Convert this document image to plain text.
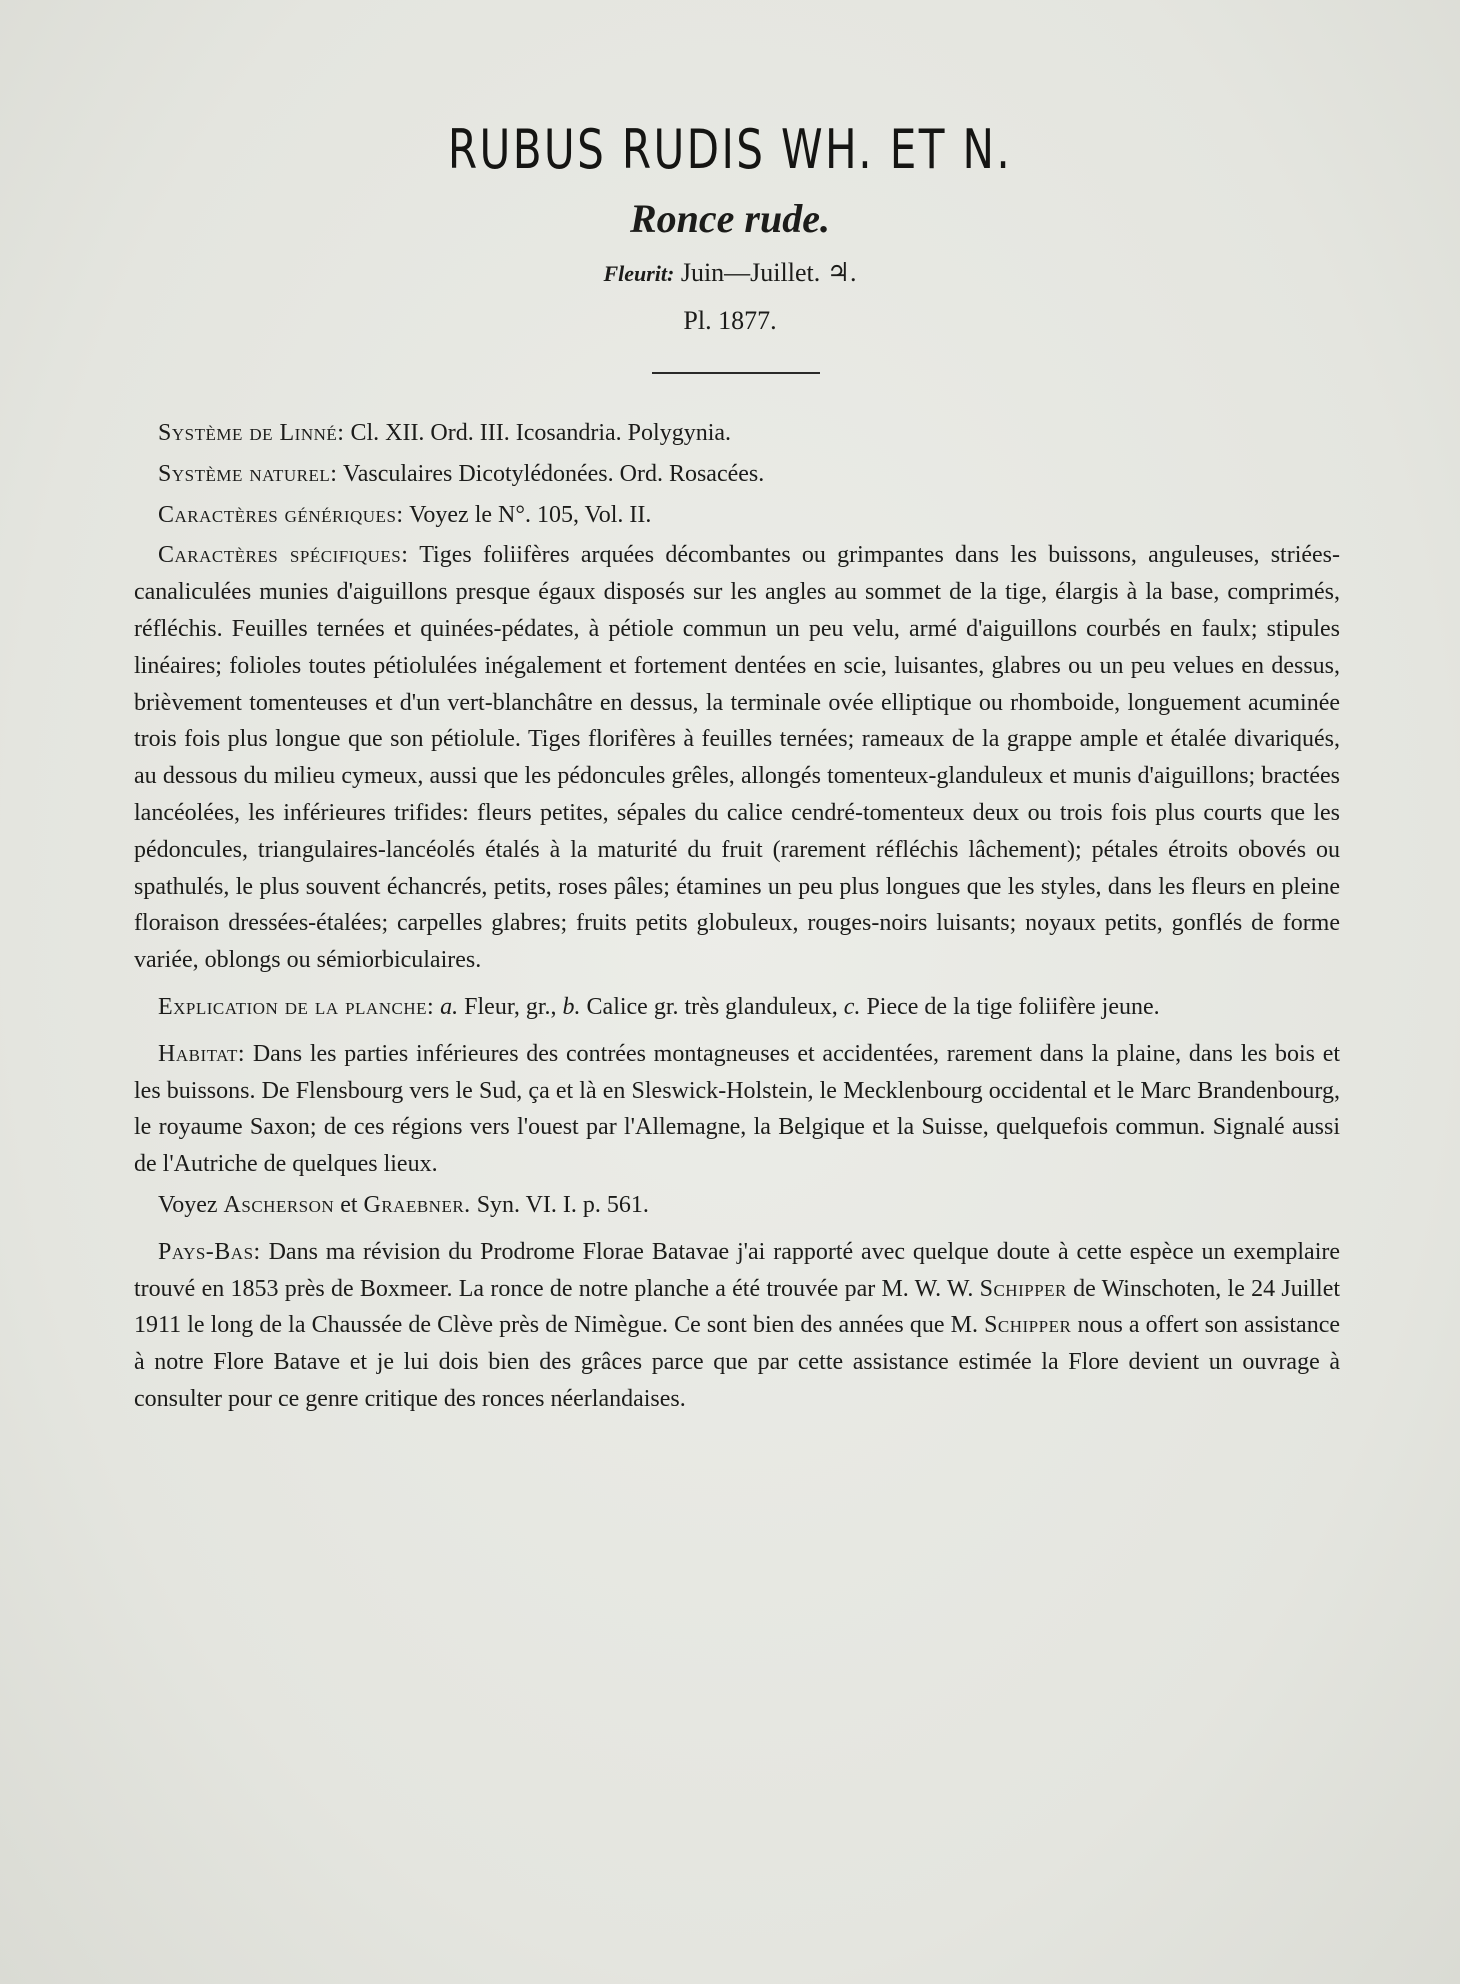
RUBUS RUDIS WH. ET N.
Ronce rude.
Fleurit: Juin—Juillet. ♃.
Pl. 1877.

Système de Linné: Cl. XII. Ord. III. Icosandria. Polygynia.

Système naturel: Vasculaires Dicotylédonées. Ord. Rosacées.

Caractères génériques: Voyez le N°. 105, Vol. II.

Caractères spécifiques: Tiges foliifères arquées décombantes ou grimpantes dans les buissons, anguleuses, striées-canaliculées munies d'aiguillons presque égaux disposés sur les angles au sommet de la tige, élargis à la base, comprimés, réfléchis. Feuilles ternées et quinées-pédates, à pétiole commun un peu velu, armé d'aiguillons courbés en faulx; stipules linéaires; folioles toutes pétiolulées inégalement et fortement dentées en scie, luisantes, glabres ou un peu velues en dessus, brièvement tomenteuses et d'un vert-blanchâtre en dessus, la terminale ovée elliptique ou rhomboide, longuement acuminée trois fois plus longue que son pétiolule. Tiges florifères à feuilles ternées; rameaux de la grappe ample et étalée divariqués, au dessous du milieu cymeux, aussi que les pédoncules grêles, allongés tomenteux-glanduleux et munis d'aiguillons; bractées lancéolées, les inférieures trifides: fleurs petites, sépales du calice cendré-tomenteux deux ou trois fois plus courts que les pédoncules, triangulaires-lancéolés étalés à la maturité du fruit (rarement réfléchis lâchement); pétales étroits obovés ou spathulés, le plus souvent échancrés, petits, roses pâles; étamines un peu plus longues que les styles, dans les fleurs en pleine floraison dressées-étalées; carpelles glabres; fruits petits globuleux, rouges-noirs luisants; noyaux petits, gonflés de forme variée, oblongs ou sémiorbiculaires.

Explication de la planche: a. Fleur, gr., b. Calice gr. très glanduleux, c. Piece de la tige foliifère jeune.

Habitat: Dans les parties inférieures des contrées montagneuses et accidentées, rarement dans la plaine, dans les bois et les buissons. De Flensbourg vers le Sud, ça et là en Sleswick-Holstein, le Mecklenbourg occidental et le Marc Brandenbourg, le royaume Saxon; de ces régions vers l'ouest par l'Allemagne, la Belgique et la Suisse, quelquefois commun. Signalé aussi de l'Autriche de quelques lieux.

Voyez Ascherson et Graebner. Syn. VI. I. p. 561.

Pays-Bas: Dans ma révision du Prodrome Florae Batavae j'ai rapporté avec quelque doute à cette espèce un exemplaire trouvé en 1853 près de Boxmeer. La ronce de notre planche a été trouvée par M. W. W. Schipper de Winschoten, le 24 Juillet 1911 le long de la Chaussée de Clève près de Nimègue. Ce sont bien des années que M. Schipper nous a offert son assistance à notre Flore Batave et je lui dois bien des grâces parce que par cette assistance estimée la Flore devient un ouvrage à consulter pour ce genre critique des ronces néerlandaises.
